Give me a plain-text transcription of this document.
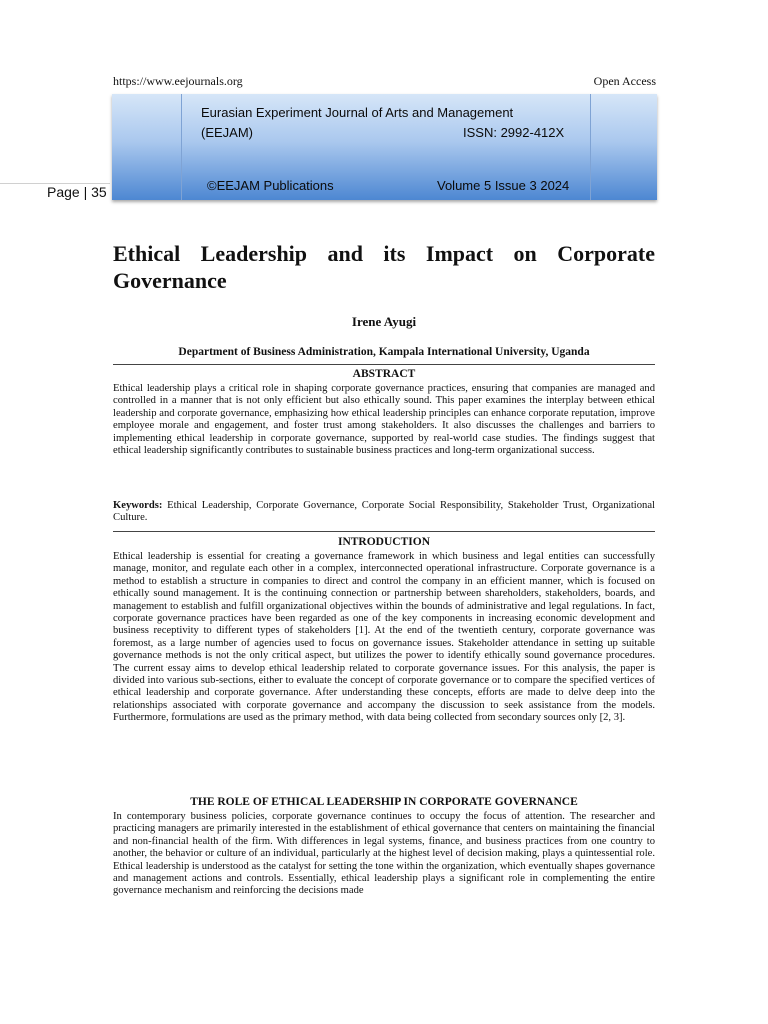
https://www.eejournals.org	Open Access
Page | 35
Eurasian Experiment Journal of Arts and Management
(EEJAM)	ISSN: 2992-412X
©EEJAM Publications	Volume 5 Issue 3 2024
Ethical Leadership and its Impact on Corporate
Governance
Irene Ayugi
Department of Business Administration, Kampala International University, Uganda
ABSTRACT

Ethical leadership plays a critical role in shaping corporate governance practices, ensuring that companies are managed and controlled in a manner that is not only efficient but also ethically sound. This paper examines the interplay between ethical leadership and corporate governance, emphasizing how ethical leadership principles can enhance corporate reputation, improve employee morale and engagement, and foster trust among stakeholders. It also discusses the challenges and barriers to implementing ethical leadership in corporate governance, supported by real-world case studies. The findings suggest that ethical leadership significantly contributes to sustainable business practices and long-term organizational success.

Keywords: Ethical Leadership, Corporate Governance, Corporate Social Responsibility, Stakeholder Trust, Organizational Culture.

INTRODUCTION

Ethical leadership is essential for creating a governance framework in which business and legal entities can successfully manage, monitor, and regulate each other in a complex, interconnected operational infrastructure. Corporate governance is a method to establish a structure in companies to direct and control the company in an efficient manner, which is focused on ethically sound management. It is the continuing connection or partnership between shareholders, stakeholders, boards, and management to establish and fulfill organizational objectives within the bounds of administrative and legal regulations. In fact, corporate governance practices have been regarded as one of the key components in increasing economic development and business receptivity to different types of stakeholders [1]. At the end of the twentieth century, corporate governance was foremost, as a large number of agencies used to focus on governance issues. Stakeholder attendance in setting up suitable governance methods is not the only critical aspect, but utilizes the power to identify ethically sound governance procedures. The current essay aims to develop ethical leadership related to corporate governance issues. For this analysis, the paper is divided into various sub-sections, either to evaluate the concept of corporate governance or to compare the specified vertices of ethical leadership and corporate governance. After understanding these concepts, efforts are made to delve deep into the relationships associated with corporate governance and accompany the discussion to seek assistance from the models. Furthermore, formulations are used as the primary method, with data being collected from secondary sources only [2, 3].

THE ROLE OF ETHICAL LEADERSHIP IN CORPORATE GOVERNANCE

In contemporary business policies, corporate governance continues to occupy the focus of attention. The researcher and practicing managers are primarily interested in the establishment of ethical governance that centers on maintaining the financial and non-financial health of the firm. With differences in legal systems, finance, and business practices from one country to another, the behavior or culture of an individual, particularly at the highest level of decision making, plays a quintessential role. Ethical leadership is understood as the catalyst for setting the tone within the organization, which eventually shapes governance and management actions and controls. Essentially, ethical leadership plays a significant role in complementing the entire governance mechanism and reinforcing the decisions made
